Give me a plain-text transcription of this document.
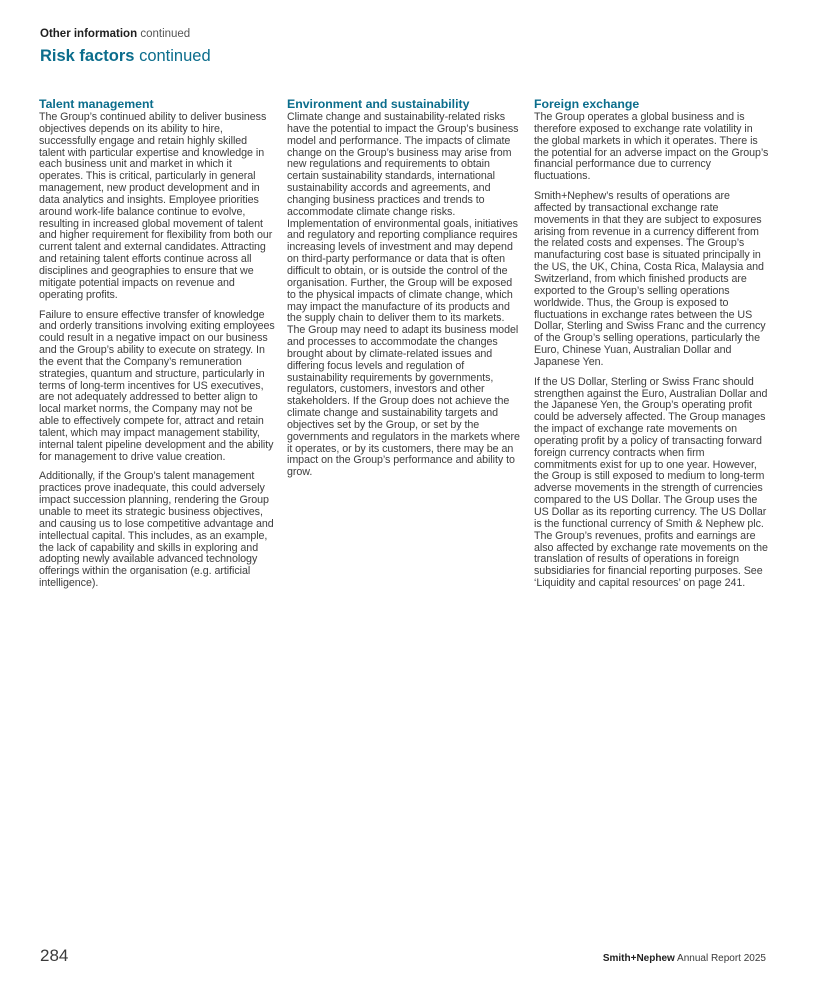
Other information continued
Risk factors continued
Talent management

The Group’s continued ability to deliver business objectives depends on its ability to hire, successfully engage and retain highly skilled talent with particular expertise and knowledge in each business unit and market in which it operates. This is critical, particularly in general management, new product development and in data analytics and insights. Employee priorities around work-life balance continue to evolve, resulting in increased global movement of talent and higher requirement for flexibility from both our current talent and external candidates. Attracting and retaining talent efforts continue across all disciplines and geographies to ensure that we mitigate potential impacts on revenue and operating profits.

Failure to ensure effective transfer of knowledge and orderly transitions involving exiting employees could result in a negative impact on our business and the Group’s ability to execute on strategy. In the event that the Company’s remuneration strategies, quantum and structure, particularly in terms of long-term incentives for US executives, are not adequately addressed to better align to local market norms, the Company may not be able to effectively compete for, attract and retain talent, which may impact management stability, internal talent pipeline development and the ability for management to drive value creation.

Additionally, if the Group’s talent management practices prove inadequate, this could adversely impact succession planning, rendering the Group unable to meet its strategic business objectives, and causing us to lose competitive advantage and intellectual capital. This includes, as an example, the lack of capability and skills in exploring and adopting newly available advanced technology offerings within the organisation (e.g. artificial intelligence).

Environment and sustainability

Climate change and sustainability-related risks have the potential to impact the Group’s business model and performance. The impacts of climate change on the Group’s business may arise from new regulations and requirements to obtain certain sustainability standards, international sustainability accords and agreements, and changing business practices and trends to accommodate climate change risks. Implementation of environmental goals, initiatives and regulatory and reporting compliance requires increasing levels of investment and may depend on third-party performance or data that is often difficult to obtain, or is outside the control of the organisation. Further, the Group will be exposed to the physical impacts of climate change, which may impact the manufacture of its products and the supply chain to deliver them to its markets. The Group may need to adapt its business model and processes to accommodate the changes brought about by climate-related issues and differing focus levels and regulation of sustainability requirements by governments, regulators, customers, investors and other stakeholders. If the Group does not achieve the climate change and sustainability targets and objectives set by the Group, or set by the governments and regulators in the markets where it operates, or by its customers, there may be an impact on the Group’s performance and ability to grow.

Foreign exchange

The Group operates a global business and is therefore exposed to exchange rate volatility in the global markets in which it operates. There is the potential for an adverse impact on the Group’s financial performance due to currency fluctuations.

Smith+Nephew’s results of operations are affected by transactional exchange rate movements in that they are subject to exposures arising from revenue in a currency different from the related costs and expenses. The Group’s manufacturing cost base is situated principally in the US, the UK, China, Costa Rica, Malaysia and Switzerland, from which finished products are exported to the Group’s selling operations worldwide. Thus, the Group is exposed to fluctuations in exchange rates between the US Dollar, Sterling and Swiss Franc and the currency of the Group’s selling operations, particularly the Euro, Chinese Yuan, Australian Dollar and Japanese Yen.

If the US Dollar, Sterling or Swiss Franc should strengthen against the Euro, Australian Dollar and the Japanese Yen, the Group’s operating profit could be adversely affected. The Group manages the impact of exchange rate movements on operating profit by a policy of transacting forward foreign currency contracts when firm commitments exist for up to one year. However, the Group is still exposed to medium to long-term adverse movements in the strength of currencies compared to the US Dollar. The Group uses the US Dollar as its reporting currency. The US Dollar is the functional currency of Smith & Nephew plc. The Group’s revenues, profits and earnings are also affected by exchange rate movements on the translation of results of operations in foreign subsidiaries for financial reporting purposes. See ‘Liquidity and capital resources’ on page 241.

284	Smith+Nephew Annual Report 2025
